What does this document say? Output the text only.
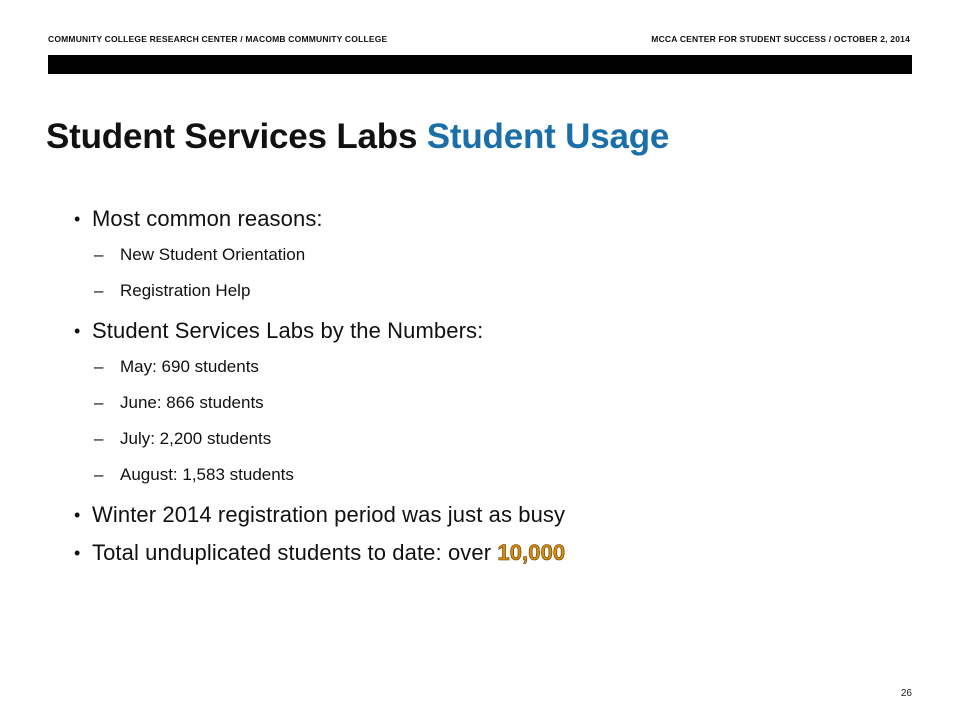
COMMUNITY COLLEGE RESEARCH CENTER / MACOMB COMMUNITY COLLEGE	MCCA CENTER FOR STUDENT SUCCESS / OCTOBER 2, 2014
Student Services Labs Student Usage
• Most common reasons:
– New Student Orientation
– Registration Help
• Student Services Labs by the Numbers:
– May: 690 students
– June: 866 students
– July: 2,200 students
– August: 1,583 students
• Winter 2014 registration period was just as busy
• Total unduplicated students to date: over 10,000
26
